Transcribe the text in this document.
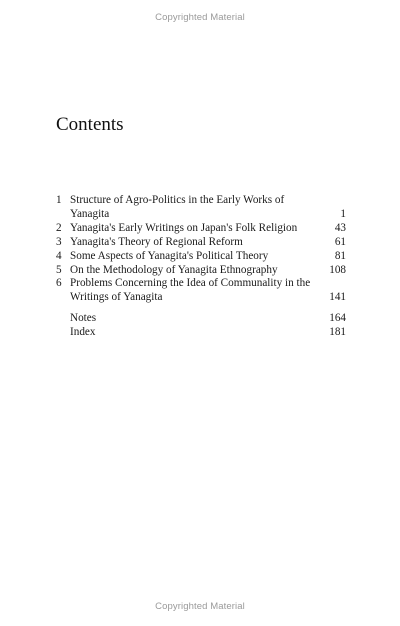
Copyrighted Material
Contents
1 Structure of Agro-Politics in the Early Works of Yanagita	1
2 Yanagita's Early Writings on Japan's Folk Religion	43
3 Yanagita's Theory of Regional Reform	61
4 Some Aspects of Yanagita's Political Theory	81
5 On the Methodology of Yanagita Ethnography	108
6 Problems Concerning the Idea of Communality in the Writings of Yanagita	141
Notes	164
Index	181
Copyrighted Material
